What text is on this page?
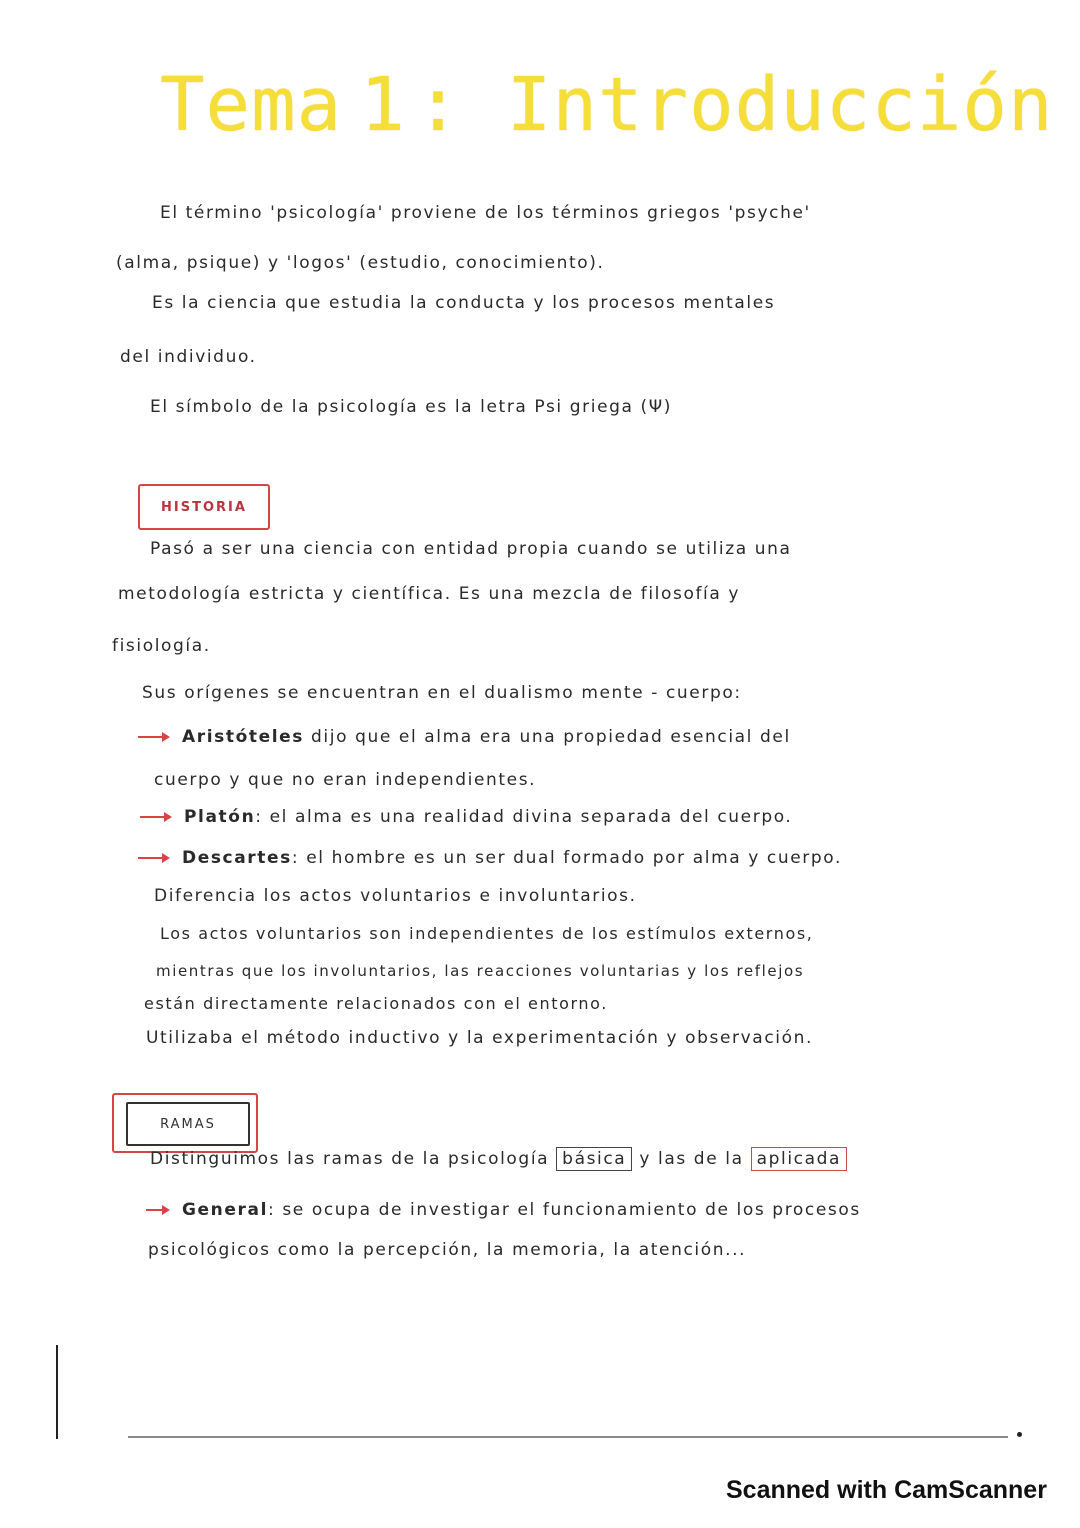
Tema 1 : Introducción
El término 'psicología' proviene de los términos griegos 'psyche'
(alma, psique) y 'logos' (estudio, conocimiento).
Es la ciencia que estudia la conducta y los procesos mentales
del individuo.
El símbolo de la psicología es la letra Psi griega (Ψ)
HISTORIA
Pasó a ser una ciencia con entidad propia cuando se utiliza una
metodología estricta y científica. Es una mezcla de filosofía y
fisiología.
Sus orígenes se encuentran en el dualismo mente - cuerpo:
Aristóteles dijo que el alma era una propiedad esencial del
cuerpo y que no eran independientes.
Platón: el alma es una realidad divina separada del cuerpo.
Descartes: el hombre es un ser dual formado por alma y cuerpo.
Diferencia los actos voluntarios e involuntarios.
Los actos voluntarios son independientes de los estímulos externos,
mientras que los involuntarios, las reacciones voluntarias y los reflejos
están directamente relacionados con el entorno.
Utilizaba el método inductivo y la experimentación y observación.
RAMAS
Distinguimos las ramas de la psicología básica y las de la aplicada
General: se ocupa de investigar el funcionamiento de los procesos
psicológicos como la percepción, la memoria, la atención...
Scanned with CamScanner
